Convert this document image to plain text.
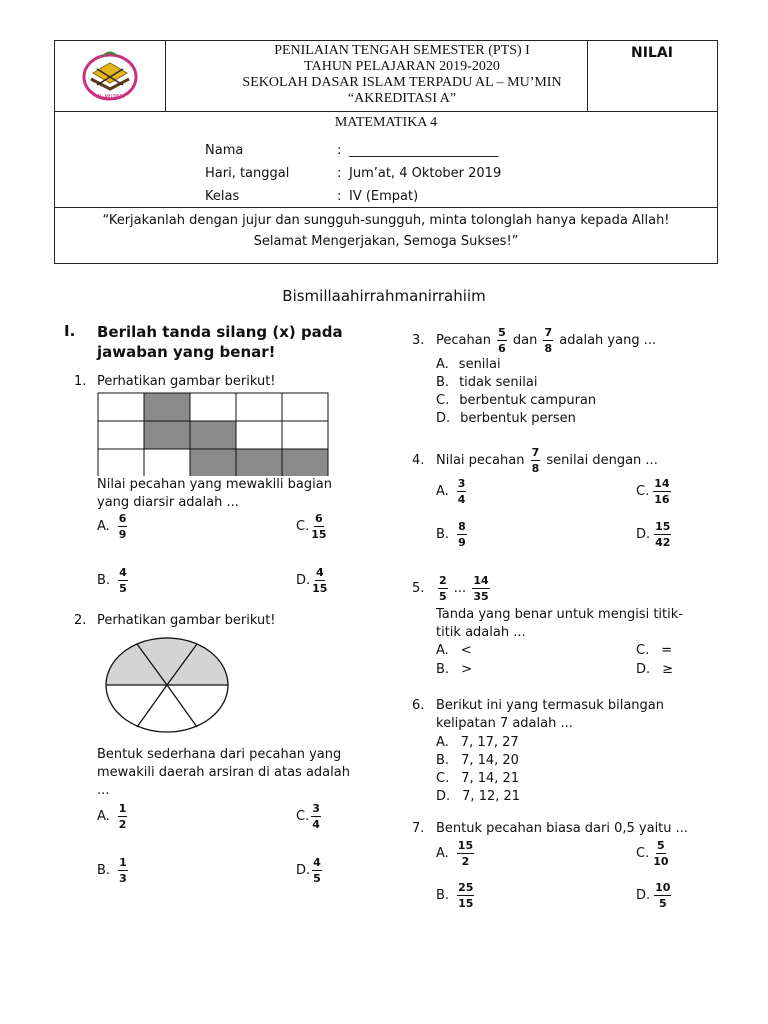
AL-MU'MIN
PENILAIAN TENGAH SEMESTER (PTS) I
TAHUN PELAJARAN 2019-2020
SEKOLAH DASAR ISLAM TERPADU AL – MU’MIN
“AKREDITASI A”
NILAI
MATEMATIKA 4
Nama	: _______________________
Hari, tanggal	: Jum’at, 4 Oktober 2019
Kelas	: IV (Empat)
“Kerjakanlah dengan jujur dan sungguh-sungguh, minta tolonglah hanya kepada Allah!
Selamat Mengerjakan, Semoga Sukses!”
Bismillaahirrahmanirrahiim
I. Berilah tanda silang (x) pada
jawaban yang benar!
1. Perhatikan gambar berikut!
Nilai pecahan yang mewakili bagian
yang diarsir adalah ...
A. $\frac{6}{9}$
B. $\frac{4}{5}$
C. $\frac{6}{15}$
D. $\frac{4}{15}$
2. Perhatikan gambar berikut!
Bentuk sederhana dari pecahan yang
mewakili daerah arsiran di atas adalah
...
A. $\frac{1}{2}$
B. $\frac{1}{3}$
C. $\frac{3}{4}$
D. $\frac{4}{5}$
3. Pecahan $\frac{5}{6}$ dan $\frac{7}{8}$ adalah yang ...
A. senilai
B. tidak senilai
C. berbentuk campuran
D. berbentuk persen
4. Nilai pecahan $\frac{7}{8}$ senilai dengan ...
A. $\frac{3}{4}$
B. $\frac{8}{9}$
C. $\frac{14}{16}$
D. $\frac{15}{42}$
5. $\frac{2}{5}$ ... $\frac{14}{35}$
Tanda yang benar untuk mengisi titik-
titik adalah ...
A. <
B. >
C. =
D. ≥
6. Berikut ini yang termasuk bilangan
kelipatan 7 adalah ...
A. 7, 17, 27
B. 7, 14, 20
C. 7, 14, 21
D. 7, 12, 21
7. Bentuk pecahan biasa dari 0,5 yaitu ...
A. $\frac{15}{2}$
B. $\frac{25}{15}$
C. $\frac{5}{10}$
D. $\frac{10}{5}$
